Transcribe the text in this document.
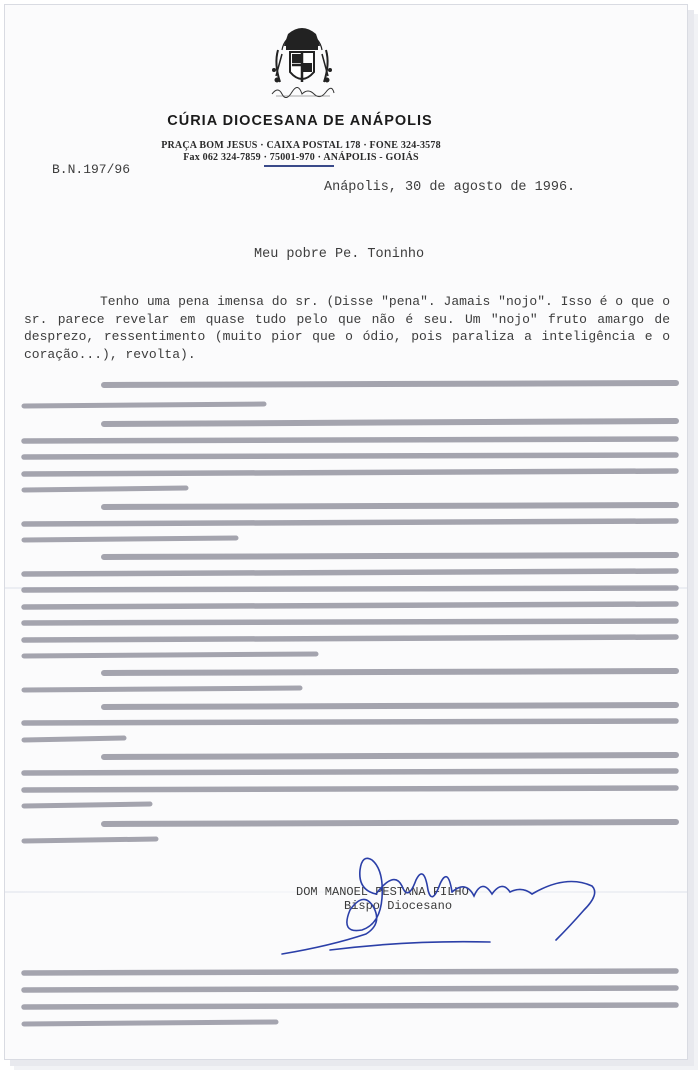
CÚRIA DIOCESANA DE ANÁPOLIS
PRAÇA BOM JESUS · CAIXA POSTAL 178 · FONE 324-3578
Fax 062 324-7859 · 75001-970 · ANÁPOLIS - GOIÁS
B.N.197/96
Anápolis, 30 de agosto de 1996.
Meu pobre Pe. Toninho

Tenho uma pena imensa do sr. (Disse "pena". Jamais "nojo". Isso é o que o sr. parece revelar em quase tudo pelo que não é seu. Um "nojo" fruto amargo de desprezo, ressentimento (muito pior que o ódio, pois paraliza a inteligência e o coração...), revolta).

DOM MANOEL PESTANA FILHO
Bispo Diocesano
